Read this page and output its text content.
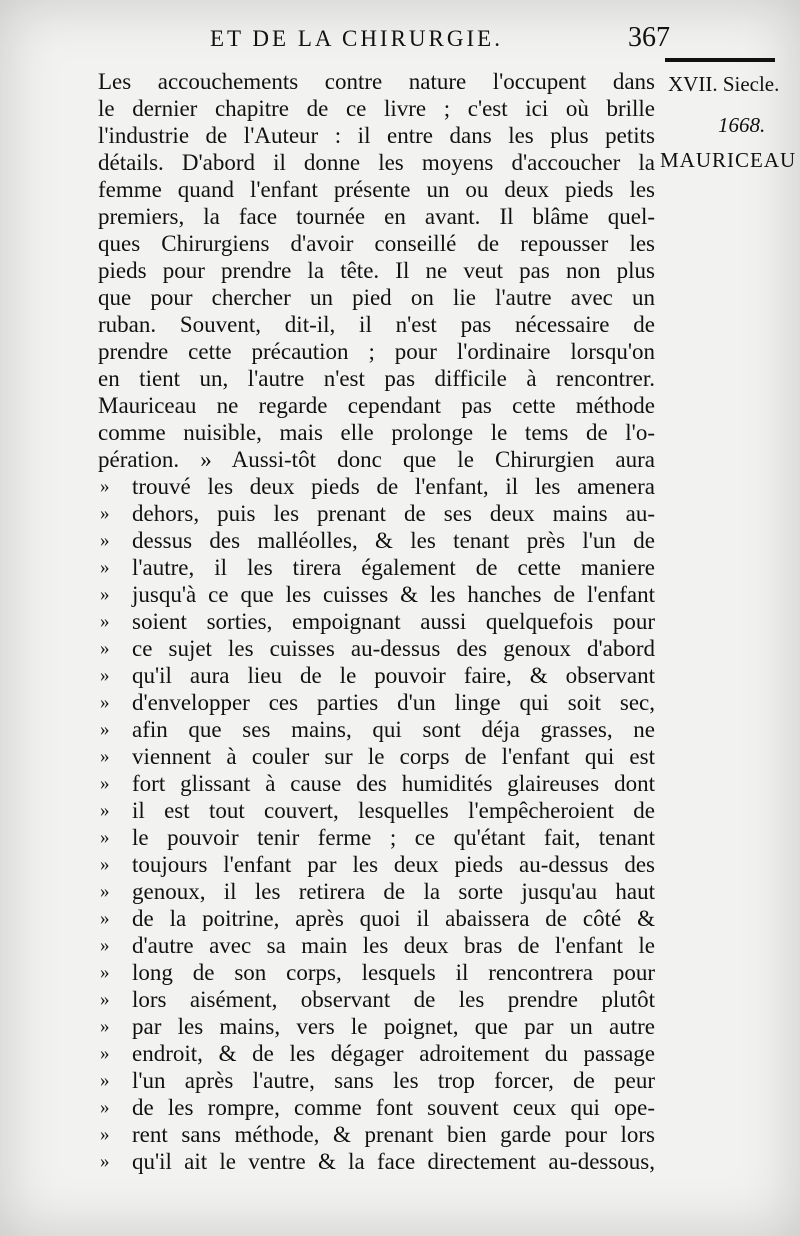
ET DE LA CHIRURGIE.	367
XVII. Siecle.
1668.
MAURICEAU
Les accouchements contre nature l'occupent dans
le dernier chapitre de ce livre ; c'est ici où brille
l'industrie de l'Auteur : il entre dans les plus petits
détails. D'abord il donne les moyens d'accoucher la
femme quand l'enfant présente un ou deux pieds les
premiers, la face tournée en avant. Il blâme quel-
ques Chirurgiens d'avoir conseillé de repousser les
pieds pour prendre la tête. Il ne veut pas non plus
que pour chercher un pied on lie l'autre avec un
ruban. Souvent, dit-il, il n'est pas nécessaire de
prendre cette précaution ; pour l'ordinaire lorsqu'on
en tient un, l'autre n'est pas difficile à rencontrer.
Mauriceau ne regarde cependant pas cette méthode
comme nuisible, mais elle prolonge le tems de l'o-
pération. » Aussi-tôt donc que le Chirurgien aura
» trouvé les deux pieds de l'enfant, il les amenera
» dehors, puis les prenant de ses deux mains au-
» dessus des malléolles, & les tenant près l'un de
» l'autre, il les tirera également de cette maniere
» jusqu'à ce que les cuisses & les hanches de l'enfant
» soient sorties, empoignant aussi quelquefois pour
» ce sujet les cuisses au-dessus des genoux d'abord
» qu'il aura lieu de le pouvoir faire, & observant
» d'envelopper ces parties d'un linge qui soit sec,
» afin que ses mains, qui sont déja grasses, ne
» viennent à couler sur le corps de l'enfant qui est
» fort glissant à cause des humidités glaireuses dont
» il est tout couvert, lesquelles l'empêcheroient de
» le pouvoir tenir ferme ; ce qu'étant fait, tenant
» toujours l'enfant par les deux pieds au-dessus des
» genoux, il les retirera de la sorte jusqu'au haut
» de la poitrine, après quoi il abaissera de côté &
» d'autre avec sa main les deux bras de l'enfant le
» long de son corps, lesquels il rencontrera pour
» lors aisément, observant de les prendre plutôt
» par les mains, vers le poignet, que par un autre
» endroit, & de les dégager adroitement du passage
» l'un après l'autre, sans les trop forcer, de peur
» de les rompre, comme font souvent ceux qui ope-
» rent sans méthode, & prenant bien garde pour lors
» qu'il ait le ventre & la face directement au-dessous,
